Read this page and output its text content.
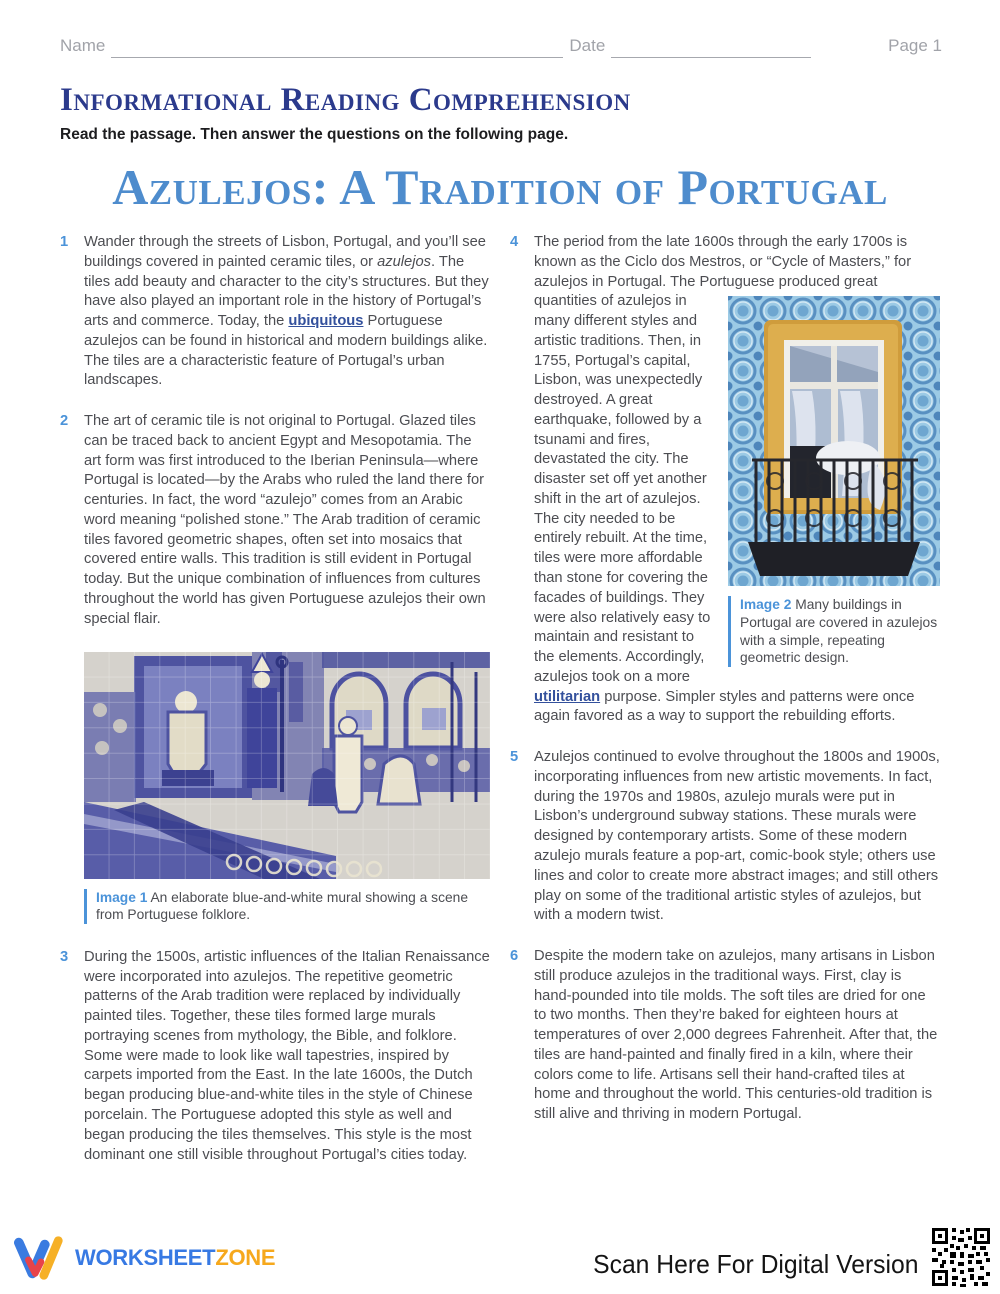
Name	Date	Page 1
Informational Reading Comprehension
Read the passage. Then answer the questions on the following page.
Azulejos: A Tradition of Portugal
1 Wander through the streets of Lisbon, Portugal, and you’ll see buildings covered in painted ceramic tiles, or azulejos. The tiles add beauty and character to the city’s structures. But they have also played an important role in the history of Portugal’s arts and commerce. Today, the ubiquitous Portuguese azulejos can be found in historical and modern buildings alike. The tiles are a characteristic feature of Portugal’s urban landscapes.
2 The art of ceramic tile is not original to Portugal. Glazed tiles can be traced back to ancient Egypt and Mesopotamia. The art form was first introduced to the Iberian Peninsula—where Portugal is located—by the Arabs who ruled the land there for centuries. In fact, the word “azulejo” comes from an Arabic word meaning “polished stone.” The Arab tradition of ceramic tiles favored geometric shapes, often set into mosaics that covered entire walls. This tradition is still evident in Portugal today. But the unique combination of influences from cultures throughout the world has given Portuguese azulejos their own special flair.
Image 1 An elaborate blue-and-white mural showing a scene from Portuguese folklore.
3 During the 1500s, artistic influences of the Italian Renaissance were incorporated into azulejos. The repetitive geometric patterns of the Arab tradition were replaced by individually painted tiles. Together, these tiles formed large murals portraying scenes from mythology, the Bible, and folklore. Some were made to look like wall tapestries, inspired by carpets imported from the East. In the late 1600s, the Dutch began producing blue-and-white tiles in the style of Chinese porcelain. The Portuguese adopted this style as well and began producing the tiles themselves. This style is the most dominant one still visible throughout Portugal’s cities today.
4 The period from the late 1600s through the early 1700s is known as the Ciclo dos Mestros, or “Cycle of Masters,” for azulejos in Portugal. The Portuguese produced great
Image 2 Many buildings in Portugal are covered in azulejos with a simple, repeating geometric design.
quantities of azulejos in many different styles and artistic traditions. Then, in 1755, Portugal’s capital, Lisbon, was unexpectedly destroyed. A great earthquake, followed by a tsunami and fires, devastated the city. The disaster set off yet another shift in the art of azulejos. The city needed to be entirely rebuilt. At the time, tiles were more affordable than stone for covering the facades of buildings. They were also relatively easy to maintain and resistant to the elements. Accordingly, azulejos took on a more utilitarian purpose. Simpler styles and patterns were once again favored as a way to support the rebuilding efforts.
5 Azulejos continued to evolve throughout the 1800s and 1900s, incorporating influences from new artistic movements. In fact, during the 1970s and 1980s, azulejo murals were put in Lisbon’s underground subway stations. These murals were designed by contemporary artists. Some of these modern azulejo murals feature a pop-art, comic-book style; others use lines and color to create more abstract images; and still others play on some of the traditional artistic styles of azulejos, but with a modern twist.
6 Despite the modern take on azulejos, many artisans in Lisbon still produce azulejos in the traditional ways. First, clay is hand-pounded into tile molds. The soft tiles are dried for one to two months. Then they’re baked for eighteen hours at temperatures of over 2,000 degrees Fahrenheit. After that, the tiles are hand-painted and finally fired in a kiln, where their colors come to life. Artisans sell their hand-crafted tiles at home and throughout the world. This centuries-old tradition is still alive and thriving in modern Portugal.
WORKSHEETZONE	Scan Here For Digital Version
